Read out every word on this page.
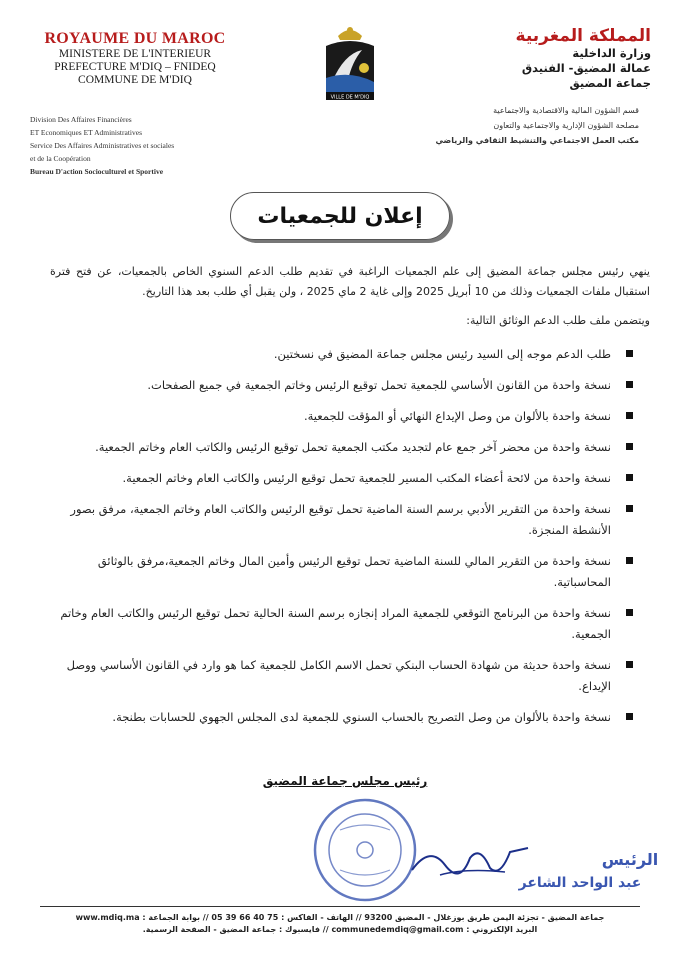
ROYAUME DU MAROC
MINISTERE DE L'INTERIEUR
PREFECTURE M'DIQ – FNIDEQ
COMMUNE DE M'DIQ
Division Des Affaires Financières
ET Economiques ET Administratives
Service Des Affaires Administratives et sociales
et de la Coopération
Bureau D'action Socioculturel et Sportive
VILLE DE M'DIQ
المملكة المغربية
وزارة الداخلية
عمالة المضيق- الفنيدق
جماعة المضيق
قسم الشؤون المالية والاقتصادية والاجتماعية
مصلحة الشؤون الإدارية والاجتماعية والتعاون
مكتب العمل الاجتماعي والتنشيط الثقافي والرياضي
إعلان للجمعيات
ينهي رئيس مجلس جماعة المضيق إلى علم الجمعيات الراغبة في تقديم طلب الدعم السنوي الخاص بالجمعيات، عن فتح فترة استقبال ملفات الجمعيات وذلك من 10 أبريل 2025 وإلى غاية 2 ماي 2025 ، ولن يقبل أي طلب بعد هذا التاريخ.
ويتضمن ملف طلب الدعم الوثائق التالية:
طلب الدعم موجه إلى السيد رئيس مجلس جماعة المضيق في نسختين.
نسخة واحدة من القانون الأساسي للجمعية تحمل توقيع الرئيس وخاتم الجمعية في جميع الصفحات.
نسخة واحدة بالألوان من وصل الإيداع النهائي أو المؤقت للجمعية.
نسخة واحدة من محضر آخر جمع عام لتجديد مكتب الجمعية تحمل توقيع الرئيس والكاتب العام وخاتم الجمعية.
نسخة واحدة من لائحة أعضاء المكتب المسير للجمعية تحمل توقيع الرئيس والكاتب العام وخاتم الجمعية.
نسخة واحدة من التقرير الأدبي برسم السنة الماضية تحمل توقيع الرئيس والكاتب العام وخاتم الجمعية، مرفق بصور الأنشطة المنجزة.
نسخة واحدة من التقرير المالي للسنة الماضية تحمل توقيع الرئيس وأمين المال وخاتم الجمعية،مرفق بالوثائق المحاسباتية.
نسخة واحدة من البرنامج التوقعي للجمعية المراد إنجازه برسم السنة الحالية تحمل توقيع الرئيس والكاتب العام وخاتم الجمعية.
نسخة واحدة حديثة من شهادة الحساب البنكي تحمل الاسم الكامل للجمعية كما هو وارد في القانون الأساسي ووصل الإيداع.
نسخة واحدة بالألوان من وصل التصريح بالحساب السنوي للجمعية لدى المجلس الجهوي للحسابات بطنجة.
رئيس مجلس جماعة المضيق
الرئيس
عبد الواحد الشاعر
جماعة المضيق - تجزئة اليمن طريق بوزغلال - المضيق 93200 // الهاتف - الفاكس : 75 40 66 39 05 // بوابة الجماعة : www.mdiq.ma
البريد الإلكتروني : communedemdiq@gmail.com // فايسبوك : جماعة المضيق - الصفحة الرسمية.
